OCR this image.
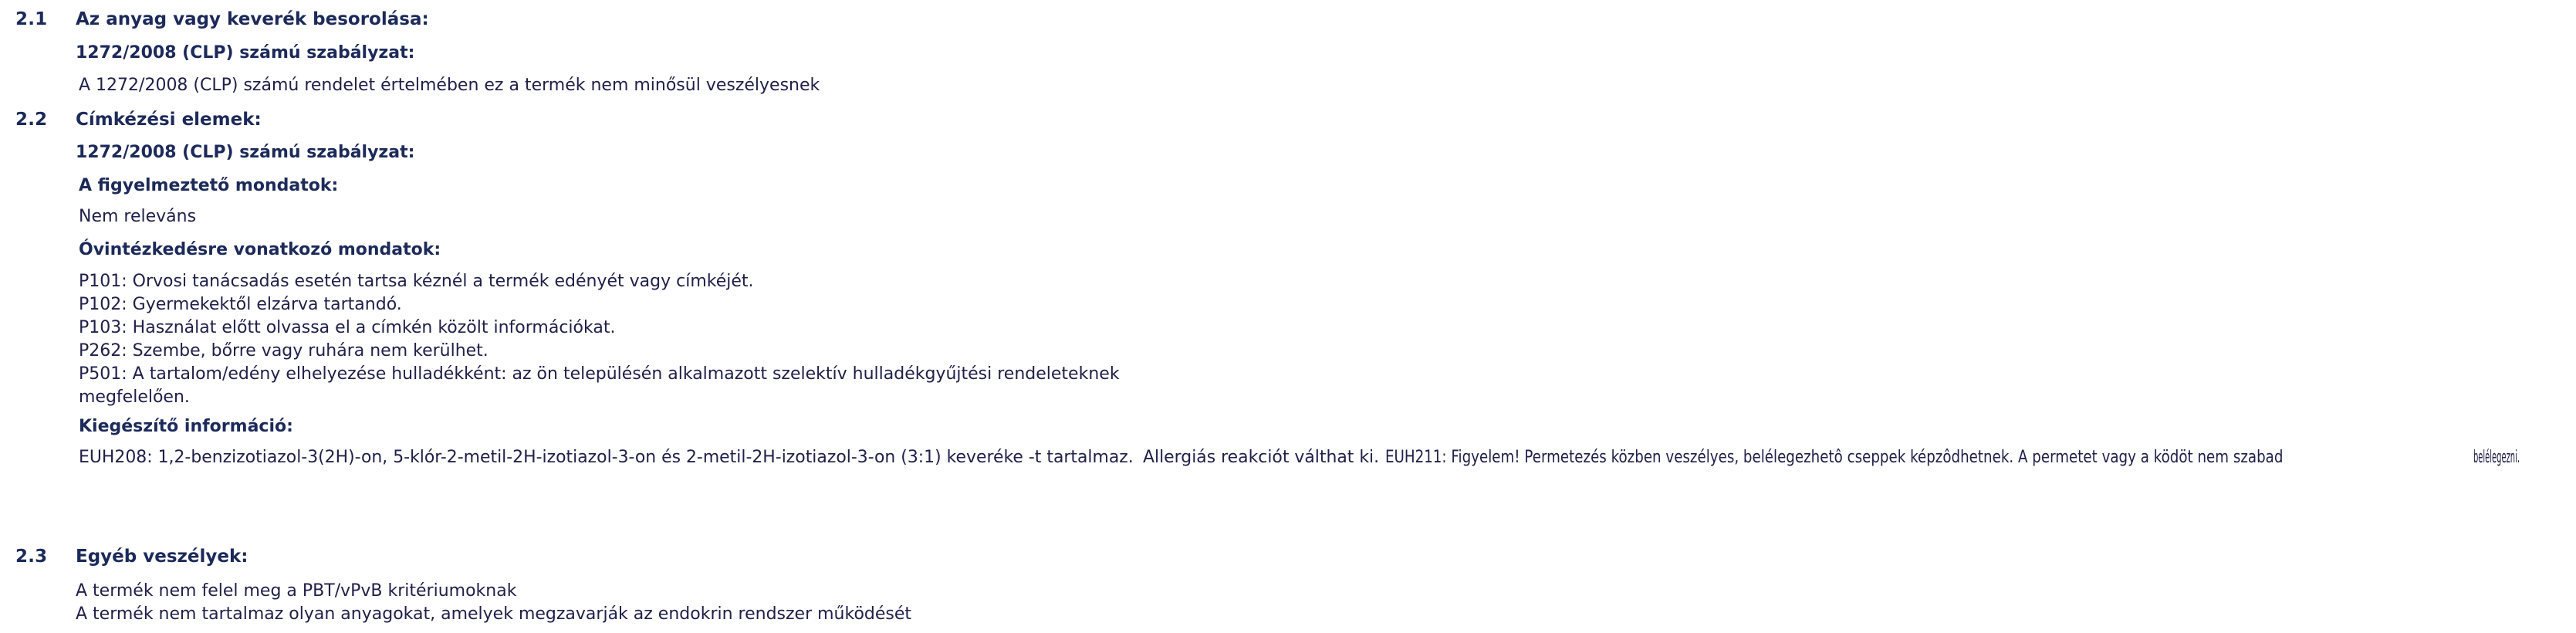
2.1 Az anyag vagy keverék besorolása:
1272/2008 (CLP) számú szabályzat:
A 1272/2008 (CLP) számú rendelet értelmében ez a termék nem minősül veszélyesnek
2.2 Címkézési elemek:
1272/2008 (CLP) számú szabályzat:
A figyelmeztető mondatok:
Nem releváns
Óvintézkedésre vonatkozó mondatok:
P101: Orvosi tanácsadás esetén tartsa kéznél a termék edényét vagy címkéjét.
P102: Gyermekektől elzárva tartandó.
P103: Használat előtt olvassa el a címkén közölt információkat.
P262: Szembe, bőrre vagy ruhára nem kerülhet.
P501: A tartalom/edény elhelyezése hulladékként: az ön településén alkalmazott szelektív hulladékgyűjtési rendeleteknek
megfelelően.
Kiegészítő információ:
EUH208: 1,2-benzizotiazol-3(2H)-on, 5-klór-2-metil-2H-izotiazol-3-on és 2-metil-2H-izotiazol-3-on (3:1) keveréke -t tartalmaz. Allergiás reakciót válthat ki. EUH211: Figyelem! Permetezés közben veszélyes, belélegezhetô cseppek képzôdhetnek. A permetet vagy a ködöt nem szabad	belélegezni.
2.3 Egyéb veszélyek:
A termék nem felel meg a PBT/vPvB kritériumoknak
A termék nem tartalmaz olyan anyagokat, amelyek megzavarják az endokrin rendszer működését
